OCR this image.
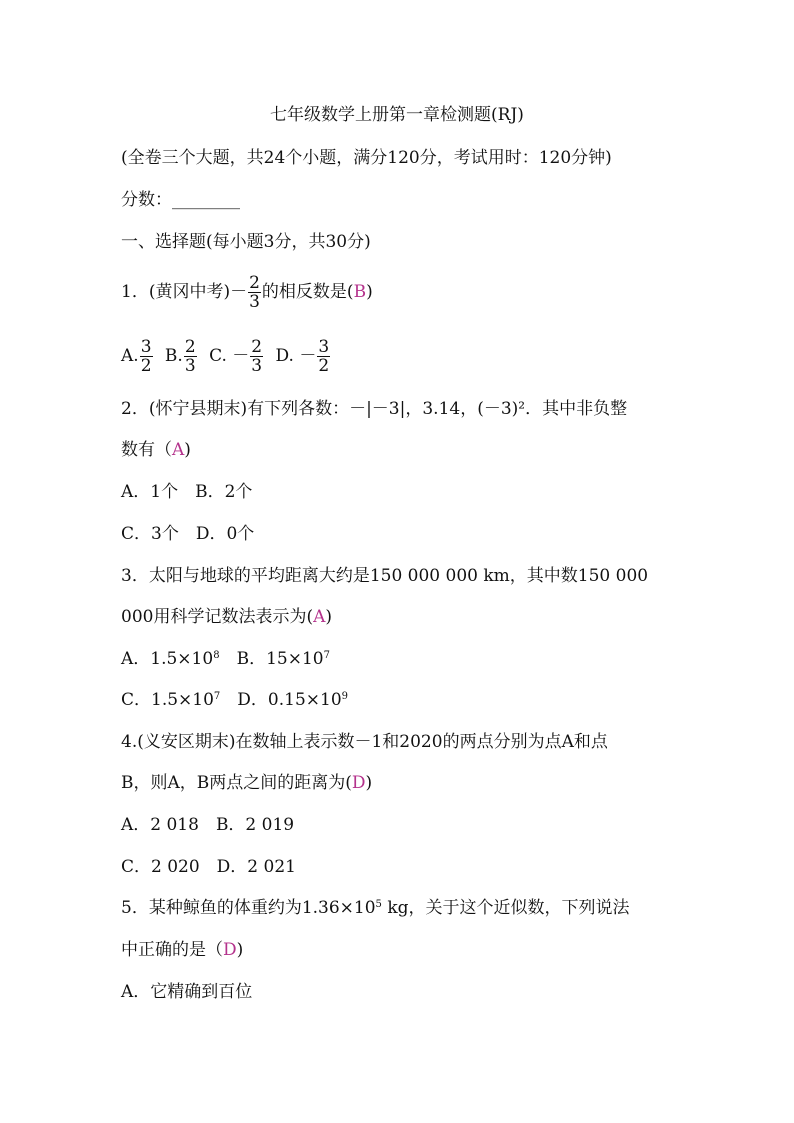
七年级数学上册第一章检测题(RJ)
(全卷三个大题，共24个小题，满分120分，考试用时：120分钟)
分数：________
一、选择题(每小题3分，共30分)
1．(黄冈中考)－ $\frac{2}{3}$ 的相反数是(B)
A. $\frac{3}{2} B$. $\frac{2}{3} C$. － $\frac{2}{3} D$. － $\frac{3}{2}$
2．(怀宁县期末)有下列各数：－|－3|，3.14，(－3)²．其中非负整
数有（A)
A．1个　B．2个
C．3个　D．0个
3．太阳与地球的平均距离大约是150 000 000 km，其中数150 000
000用科学记数法表示为(A)
A．$1.5\times 10^8$　B．$15\times 10^7$
C．$1.5\times 10^7$　D．$0.15\times 10^9$
4.(义安区期末)在数轴上表示数－1和2020的两点分别为点A和点
B，则A，B两点之间的距离为(D)
A．2 018　B．2 019
C．2 020　D．2 021
5．某种鲸鱼的体重约为$1.36\times 10^5$ kg，关于这个近似数，下列说法
中正确的是（D)
A．它精确到百位
